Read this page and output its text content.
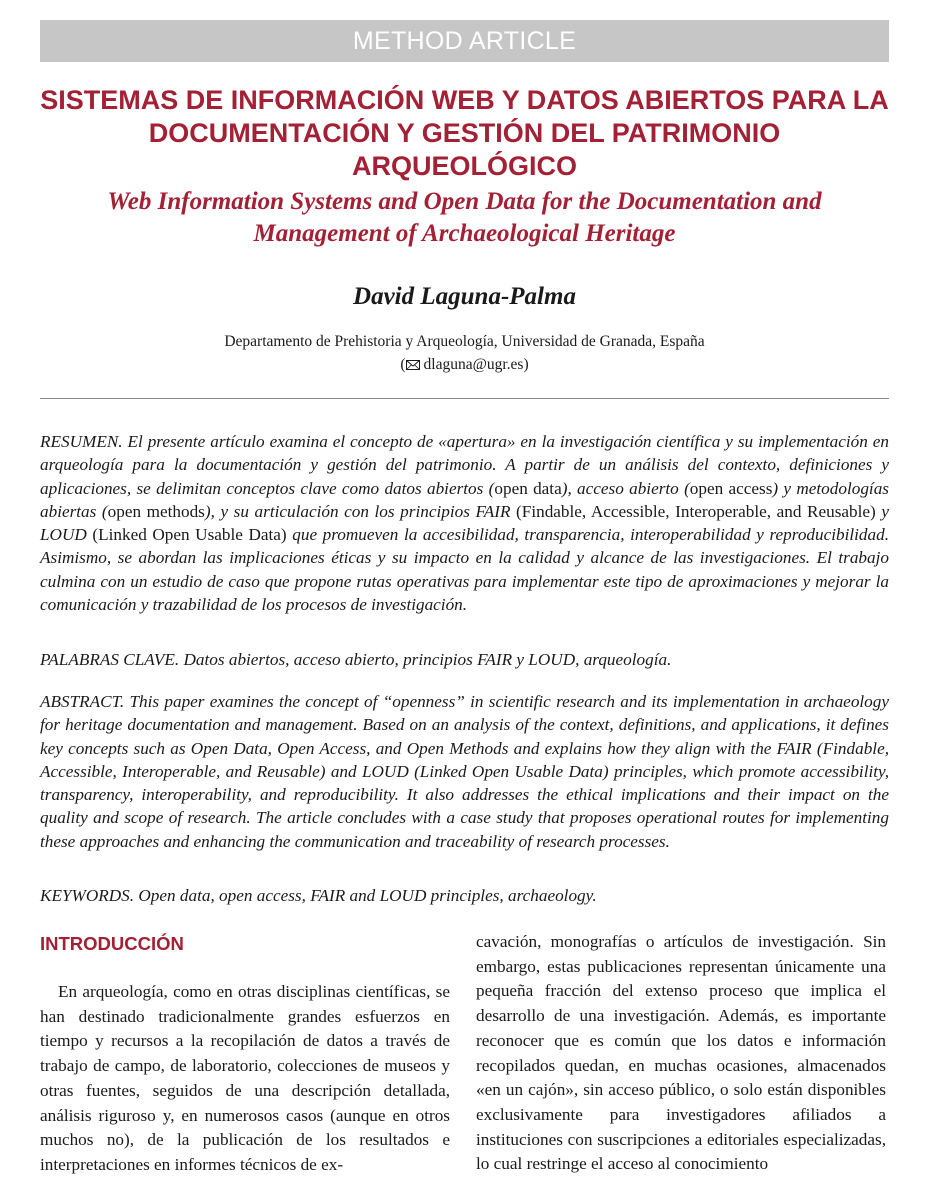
METHOD ARTICLE
SISTEMAS DE INFORMACIÓN WEB Y DATOS ABIERTOS PARA LA DOCUMENTACIÓN Y GESTIÓN DEL PATRIMONIO ARQUEOLÓGICO
Web Information Systems and Open Data for the Documentation and Management of Archaeological Heritage
David Laguna-Palma
Departamento de Prehistoria y Arqueología, Universidad de Granada, España
( dlaguna@ugr.es)
RESUMEN. El presente artículo examina el concepto de «apertura» en la investigación científica y su implementación en arqueología para la documentación y gestión del patrimonio. A partir de un análisis del contexto, definiciones y aplicaciones, se delimitan conceptos clave como datos abiertos (open data), acceso abierto (open access) y metodologías abiertas (open methods), y su articulación con los principios FAIR (Findable, Accessible, Interoperable, and Reusable) y LOUD (Linked Open Usable Data) que promueven la accesibilidad, transparencia, interoperabilidad y reproducibilidad. Asimismo, se abordan las implicaciones éticas y su impacto en la calidad y alcance de las investigaciones. El trabajo culmina con un estudio de caso que propone rutas operativas para implementar este tipo de aproximaciones y mejorar la comunicación y trazabilidad de los procesos de investigación.
PALABRAS CLAVE. Datos abiertos, acceso abierto, principios FAIR y LOUD, arqueología.
ABSTRACT. This paper examines the concept of “openness” in scientific research and its implementation in archaeology for heritage documentation and management. Based on an analysis of the context, definitions, and applications, it defines key concepts such as Open Data, Open Access, and Open Methods and explains how they align with the FAIR (Findable, Accessible, Interoperable, and Reusable) and LOUD (Linked Open Usable Data) principles, which promote accessibility, transparency, interoperability, and reproducibility. It also addresses the ethical implications and their impact on the quality and scope of research. The article concludes with a case study that proposes operational routes for implementing these approaches and enhancing the communication and traceability of research processes.
KEYWORDS. Open data, open access, FAIR and LOUD principles, archaeology.
INTRODUCCIÓN
En arqueología, como en otras disciplinas científicas, se han destinado tradicionalmente grandes esfuerzos en tiempo y recursos a la recopilación de datos a través de trabajo de campo, de laboratorio, colecciones de museos y otras fuentes, seguidos de una descripción detallada, análisis riguroso y, en numerosos casos (aunque en otros muchos no), de la publicación de los resultados e interpretaciones en informes técnicos de ex-
cavación, monografías o artículos de investigación. Sin embargo, estas publicaciones representan únicamente una pequeña fracción del extenso proceso que implica el desarrollo de una investigación. Además, es importante reconocer que es común que los datos e información recopilados quedan, en muchas ocasiones, almacenados «en un cajón», sin acceso público, o solo están disponibles exclusivamente para investigadores afiliados a instituciones con suscripciones a editoriales especializadas, lo cual restringe el acceso al conocimiento
